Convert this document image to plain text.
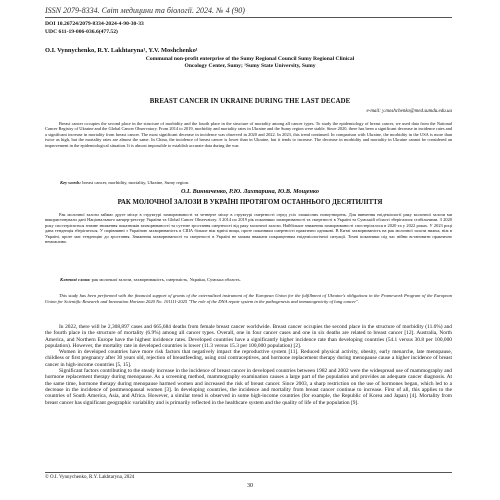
ISSN 2079-8334. Світ медицини та біології. 2024. № 4 (90)
DOI 10.26724/2079-8334-2024-4-90-30-33
UDC 611-19-006-036.6(477.52)
O.I. Vynnychenko, R.Y. Lakhtaryna¹, Y.V. Moshchenko¹
Communal non-profit enterprise of the Sumy Regional Council Sumy Regional Clinical
Oncology Center, Sumy; ¹Sumy State University, Sumy
BREAST CANCER IN UKRAINE DURING THE LAST DECADE
e-mail: y.moshchenko@med.sumdu.edu.ua

Breast cancer occupies the second place in the structure of morbidity and the fourth place in the structure of mortality among all cancer types. To study the epidemiology of breast cancer, we used data from the National Cancer Registry of Ukraine and the Global Cancer Observatory. From 2014 to 2019, morbidity and mortality rates in Ukraine and the Sumy region were stable. Since 2020, there has been a significant decrease in incidence rates and a significant increase in mortality from breast cancer. The most significant decrease in incidence was observed in 2020 and 2022. In 2023, this trend continued. In comparison with Ukraine, the morbidity in the USA is more than twice as high, but the mortality rates are almost the same. In China, the incidence of breast cancer is lower than in Ukraine, but it tends to increase. The decrease in morbidity and mortality in Ukraine cannot be considered an improvement in the epidemiological situation. It is almost impossible to establish accurate data during the war.

Key words: breast cancer, morbidity, mortality, Ukraine, Sumy region.
О.І. Винниченко, Р.Ю. Лахтарина, Ю.В. Мощенко
РАК МОЛОЧНОЇ ЗАЛОЗИ В УКРАЇНІ ПРОТЯГОМ ОСТАННЬОГО ДЕСЯТИЛІТТЯ

Рак молочної залози займає друге місце в структурі захворюваності та четверте місце в структурі смертності серед усіх злоякісних новоутворень. Для вивчення епідеміології раку молочної залози ми використовували дані Національного канцер-реєстру України та Global Cancer Observatory. З 2014 по 2019 рік показники захворюваності та смертності в Україні та Сумській області зберігалися стабільними. З 2020 року спостерігається значне зниження показників захворюваності та суттєве зростання смертності від раку молочної залози. Найбільше зниження захворюваності спостерігалося в 2020 та у 2022 роках. У 2023 році дана тенденція зберігається. У порівнянні з Україною захворюваність в США більше ніж вдвічі вища, проте показники смертності практично однакові. В Китаї захворюваність на рак молочної залози нижча, ніж в Україні, проте має тенденцію до зростання. Зниження захворюваності та смертності в Україні не можна вважати покращенням епідеміологічної ситуації. Точні показники під час війни встановити практично неможливо.

Ключові слова: рак молочної залози, захворюваність, смертність, Україна, Сумська область.

This study has been performed with the financial support of grants of the externalized instrument of the European Union for the fulfillment of Ukraine's obligations in the Framework Program of the European Union for Scientific Research and Innovation Horizon 2020 No. 101111-2025 "The role of the DNA repair system in the pathogenesis and immunogenicity of lung cancer".

In 2022, there will be 2,308,897 cases and 665,684 deaths from female breast cancer worldwide. Breast cancer occupies the second place in the structure of morbidity (11.6%) and the fourth place in the structure of mortality (6.9%) among all cancer types. Overall, one in four cancer cases and one in six deaths are related to breast cancer [12]. Australia, North America, and Northern Europe have the highest incidence rates. Developed countries have a significantly higher incidence rate than developing countries (54.1 versus 30.8 per 100,000 population). However, the mortality rate in developed countries is lower (11.3 versus 15.3 per 100,000 population) [2].

Women in developed countries have more risk factors that negatively impact the reproductive system [11]. Reduced physical activity, obesity, early menarche, late menopause, childless or first pregnancy after 30 years old, rejection of breastfeeding, using oral contraceptives, and hormone replacement therapy during menopause cause a higher incidence of breast cancer in high-income countries [5, 15].

Significant factors contributing to the steady increase in the incidence of breast cancer in developed countries between 1982 and 2002 were the widespread use of mammography and hormone replacement therapy during menopause. As a screening method, mammography examination causes a large part of the population and provides an adequate cancer diagnosis. At the same time, hormone therapy during menopause harmed women and increased the risk of breast cancer. Since 2003, a sharp restriction on the use of hormones began, which led to a decrease in the incidence of postmenopausal women [3]. In developing countries, the incidence and mortality from breast cancer continue to increase. First of all, this applies to the countries of South America, Asia, and Africa. However, a similar trend is observed in some high-income countries (for example, the Republic of Korea and Japan) [4]. Mortality from breast cancer has significant geographic variability and is primarily reflected in the healthcare system and the quality of life of the population [9].

© O.I. Vynnychenko, R.Y. Lakhtaryna, 2024
30
